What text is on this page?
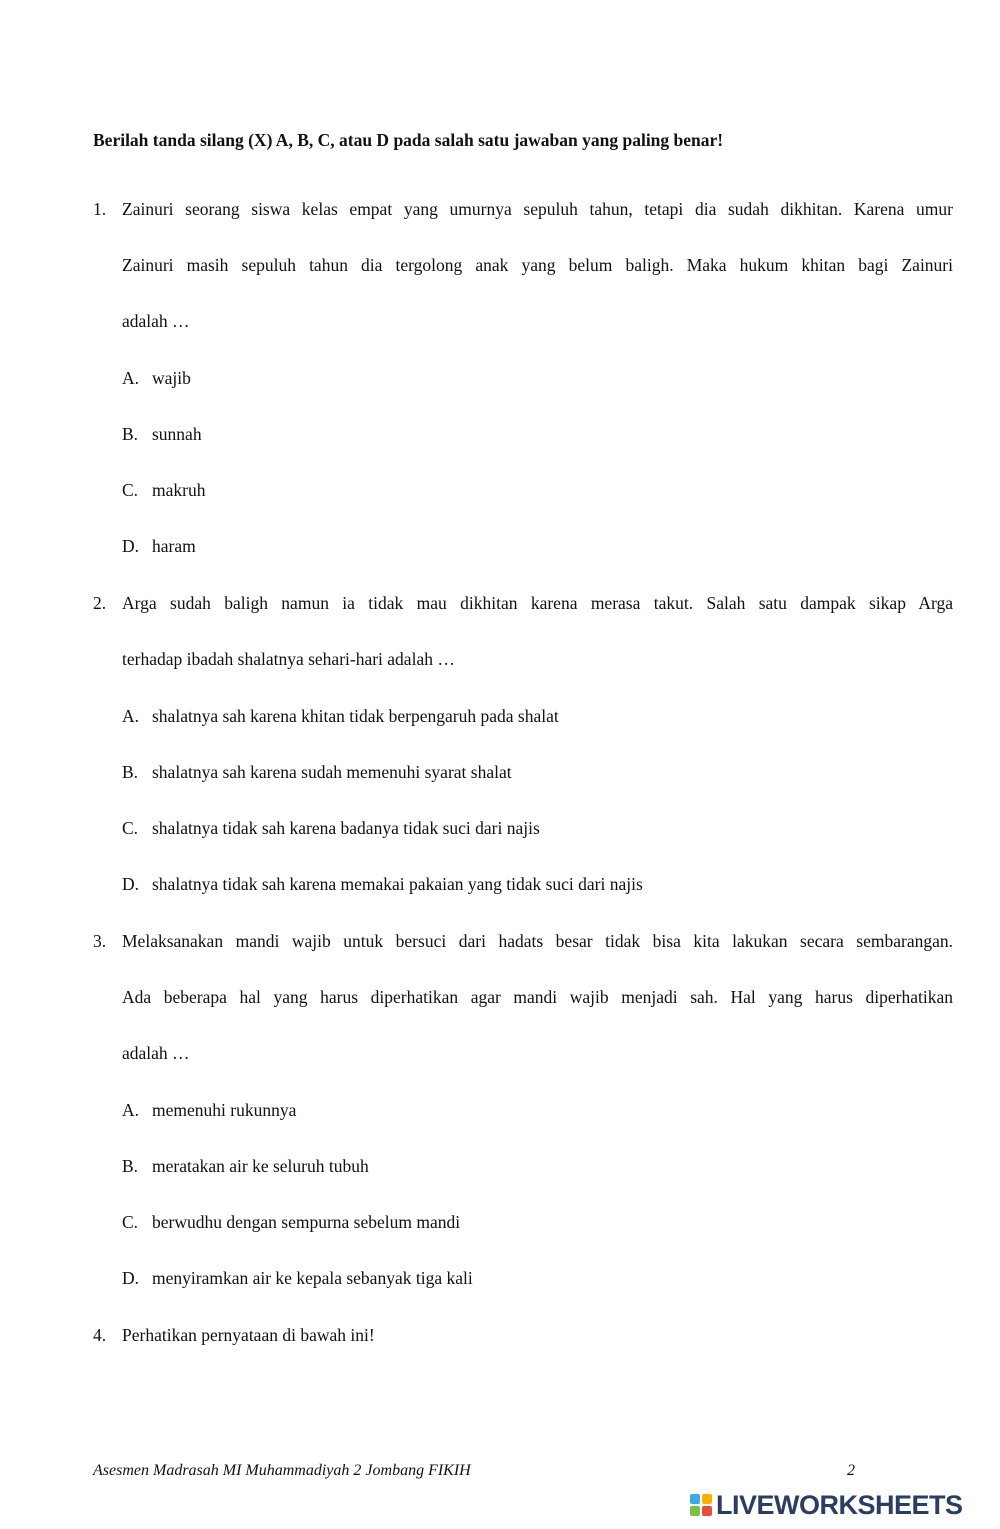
Berilah tanda silang (X) A, B, C, atau D pada salah satu jawaban yang paling benar!
1. Zainuri seorang siswa kelas empat yang umurnya sepuluh tahun, tetapi dia sudah dikhitan. Karena umur
Zainuri masih sepuluh tahun dia tergolong anak yang belum baligh. Maka hukum khitan bagi Zainuri
adalah …
A. wajib
B. sunnah
C. makruh
D. haram
2. Arga sudah baligh namun ia tidak mau dikhitan karena merasa takut. Salah satu dampak sikap Arga
terhadap ibadah shalatnya sehari-hari adalah …
A. shalatnya sah karena khitan tidak berpengaruh pada shalat
B. shalatnya sah karena sudah memenuhi syarat shalat
C. shalatnya tidak sah karena badanya tidak suci dari najis
D. shalatnya tidak sah karena memakai pakaian yang tidak suci dari najis
3. Melaksanakan mandi wajib untuk bersuci dari hadats besar tidak bisa kita lakukan secara sembarangan.
Ada beberapa hal yang harus diperhatikan agar mandi wajib menjadi sah. Hal yang harus diperhatikan
adalah …
A. memenuhi rukunnya
B. meratakan air ke seluruh tubuh
C. berwudhu dengan sempurna sebelum mandi
D. menyiramkan air ke kepala sebanyak tiga kali
4. Perhatikan pernyataan di bawah ini!
Asesmen Madrasah MI Muhammadiyah 2 Jombang FIKIH	2
LIVEWORKSHEETS
